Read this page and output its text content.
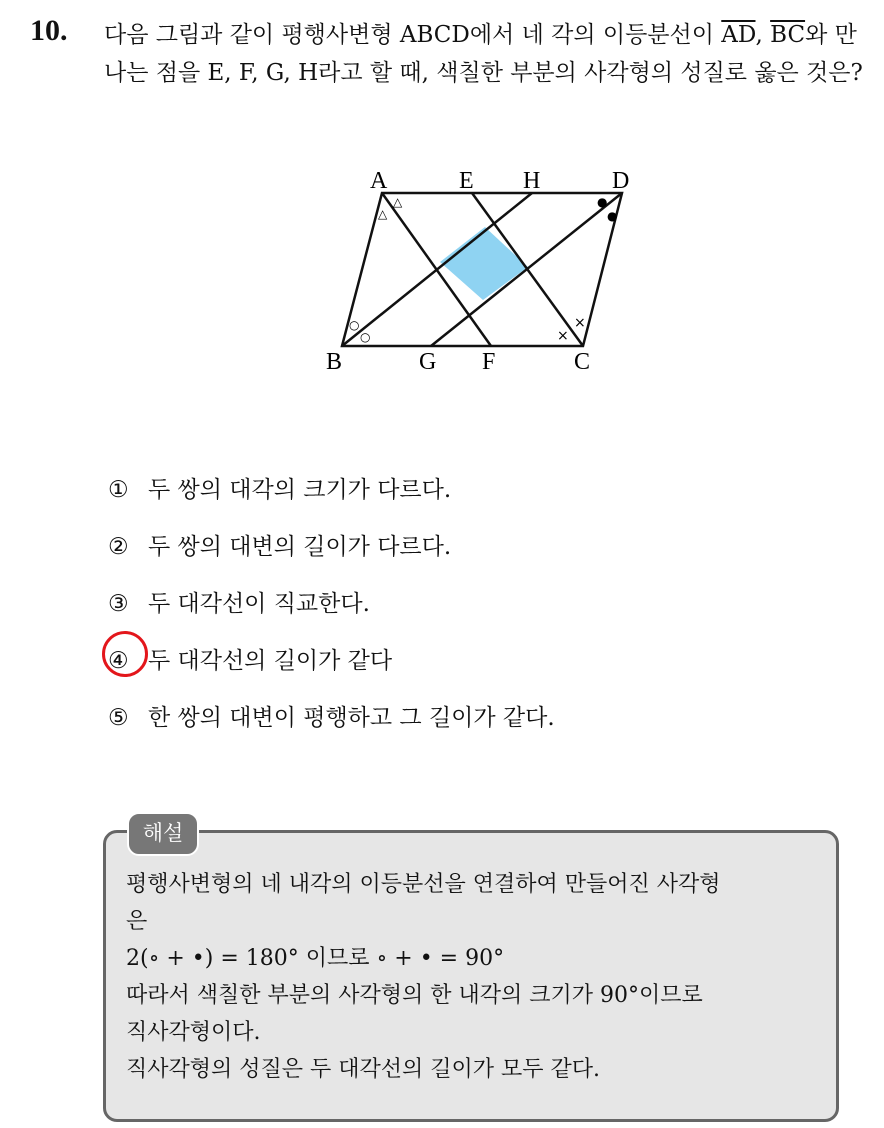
10. 다음 그림과 같이 평행사변형 ABCD에서 네 각의 이등분선이 $\overline{AD}$, $\overline{BC}$와 만나는 점을 E, F, G, H라고 할 때, 색칠한 부분의 사각형의 성질로 옳은 것은?
△
△	●
●
○
○	×
×
A	E H	D
B	G F	C
① 두 쌍의 대각의 크기가 다르다.
② 두 쌍의 대변의 길이가 다르다.
③ 두 대각선이 직교한다.
④ 두 대각선의 길이가 같다
⑤ 한 쌍의 대변이 평행하고 그 길이가 같다.
해설
평행사변형의 네 내각의 이등분선을 연결하여 만들어진 사각형
은
2(∘ + •) = 180° 이므로 ∘ + • = 90°
따라서 색칠한 부분의 사각형의 한 내각의 크기가 90°이므로
직사각형이다.
직사각형의 성질은 두 대각선의 길이가 모두 같다.
